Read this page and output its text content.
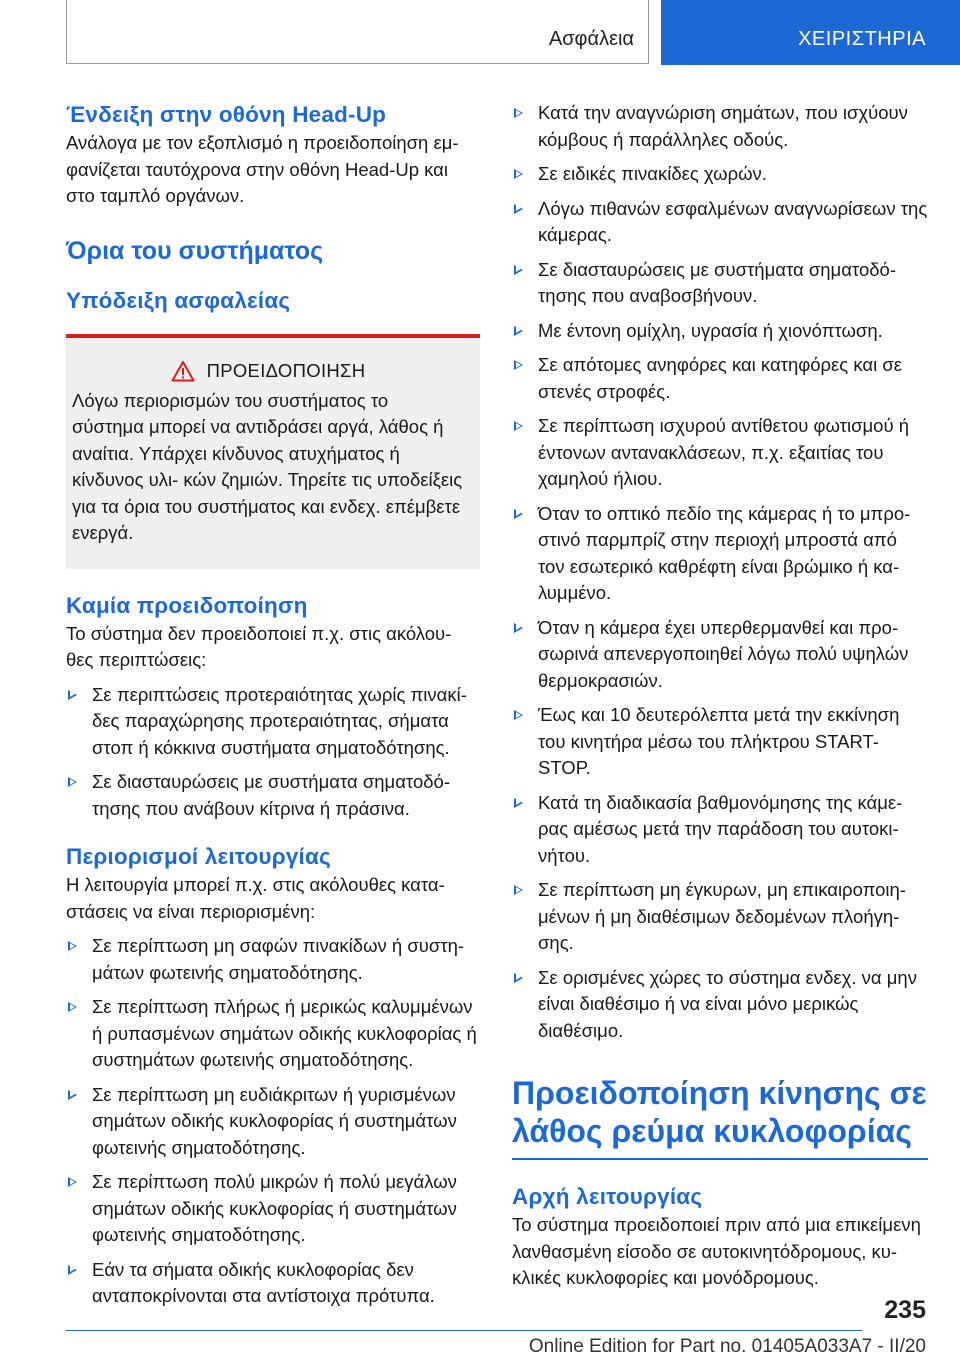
Ασφάλεια	ΧΕΙΡΙΣΤΗΡΙΑ
Ένδειξη στην οθόνη Head-Up

Ανάλογα με τον εξοπλισμό η προειδοποίηση εμ- φανίζεται ταυτόχρονα στην οθόνη Head-Up και στο ταμπλό οργάνων.

Όρια του συστήματος
Υπόδειξη ασφαλείας
ΠΡΟΕΙΔΟΠΟΙΗΣΗ

Λόγω περιορισμών του συστήματος το σύστημα μπορεί να αντιδράσει αργά, λάθος ή αναίτια. Υπάρχει κίνδυνος ατυχήματος ή κίνδυνος υλι- κών ζημιών. Τηρείτε τις υποδείξεις για τα όρια του συστήματος και ενδεχ. επέμβετε ενεργά.

Καμία προειδοποίηση

Το σύστημα δεν προειδοποιεί π.χ. στις ακόλου- θες περιπτώσεις:

Σε περιπτώσεις προτεραιότητας χωρίς πινακί- δες παραχώρησης προτεραιότητας, σήματα στοπ ή κόκκινα συστήματα σηματοδότησης.
Σε διασταυρώσεις με συστήματα σηματοδό- τησης που ανάβουν κίτρινα ή πράσινα.
Περιορισμοί λειτουργίας

Η λειτουργία μπορεί π.χ. στις ακόλουθες κατα- στάσεις να είναι περιορισμένη:

Σε περίπτωση μη σαφών πινακίδων ή συστη- μάτων φωτεινής σηματοδότησης.
Σε περίπτωση πλήρως ή μερικώς καλυμμένων ή ρυπασμένων σημάτων οδικής κυκλοφορίας ή συστημάτων φωτεινής σηματοδότησης.
Σε περίπτωση μη ευδιάκριτων ή γυρισμένων σημάτων οδικής κυκλοφορίας ή συστημάτων φωτεινής σηματοδότησης.
Σε περίπτωση πολύ μικρών ή πολύ μεγάλων σημάτων οδικής κυκλοφορίας ή συστημάτων φωτεινής σηματοδότησης.
Εάν τα σήματα οδικής κυκλοφορίας δεν ανταποκρίνονται στα αντίστοιχα πρότυπα.
Κατά την αναγνώριση σημάτων, που ισχύουν κόμβους ή παράλληλες οδούς.
Σε ειδικές πινακίδες χωρών.
Λόγω πιθανών εσφαλμένων αναγνωρίσεων της κάμερας.
Σε διασταυρώσεις με συστήματα σηματοδό- τησης που αναβοσβήνουν.
Με έντονη ομίχλη, υγρασία ή χιονόπτωση.
Σε απότομες ανηφόρες και κατηφόρες και σε στενές στροφές.
Σε περίπτωση ισχυρού αντίθετου φωτισμού ή έντονων αντανακλάσεων, π.χ. εξαιτίας του χαμηλού ήλιου.
Όταν το οπτικό πεδίο της κάμερας ή το μπρο- στινό παρμπρίζ στην περιοχή μπροστά από τον εσωτερικό καθρέφτη είναι βρώμικο ή κα- λυμμένο.
Όταν η κάμερα έχει υπερθερμανθεί και προ- σωρινά απενεργοποιηθεί λόγω πολύ υψηλών θερμοκρασιών.
Έως και 10 δευτερόλεπτα μετά την εκκίνηση του κινητήρα μέσω του πλήκτρου START- STOP.
Κατά τη διαδικασία βαθμονόμησης της κάμε- ρας αμέσως μετά την παράδοση του αυτοκι- νήτου.
Σε περίπτωση μη έγκυρων, μη επικαιροποιη- μένων ή μη διαθέσιμων δεδομένων πλοήγη- σης.
Σε ορισμένες χώρες το σύστημα ενδεχ. να μην είναι διαθέσιμο ή να είναι μόνο μερικώς διαθέσιμο.
Προειδοποίηση κίνησης σε λάθος ρεύμα κυκλοφορίας
Αρχή λειτουργίας

Το σύστημα προειδοποιεί πριν από μια επικείμενη λανθασμένη είσοδο σε αυτοκινητόδρομους, κυ- κλικές κυκλοφορίες και μονόδρομους.

235
Online Edition for Part no. 01405A033A7 - II/20
